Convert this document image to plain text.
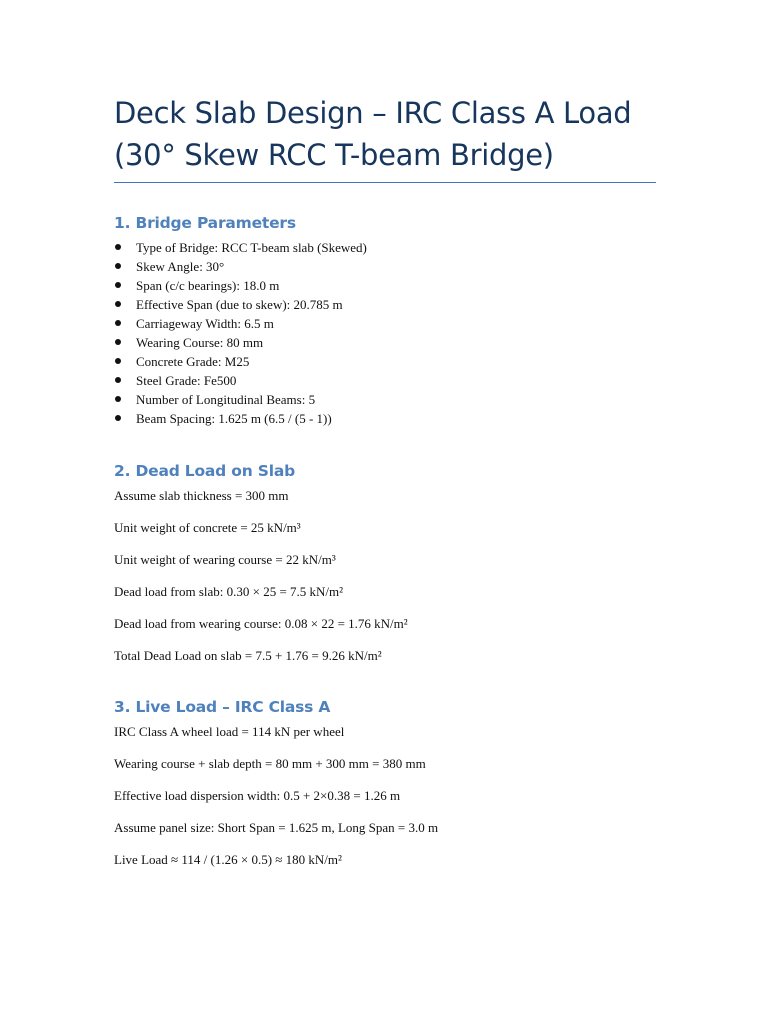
Deck Slab Design – IRC Class A Load
(30° Skew RCC T-beam Bridge)
1. Bridge Parameters
Type of Bridge: RCC T-beam slab (Skewed)
Skew Angle: 30°
Span (c/c bearings): 18.0 m
Effective Span (due to skew): 20.785 m
Carriageway Width: 6.5 m
Wearing Course: 80 mm
Concrete Grade: M25
Steel Grade: Fe500
Number of Longitudinal Beams: 5
Beam Spacing: 1.625 m (6.5 / (5 - 1))
2. Dead Load on Slab

Assume slab thickness = 300 mm

Unit weight of concrete = 25 kN/m³

Unit weight of wearing course = 22 kN/m³

Dead load from slab: 0.30 × 25 = 7.5 kN/m²

Dead load from wearing course: 0.08 × 22 = 1.76 kN/m²

Total Dead Load on slab = 7.5 + 1.76 = 9.26 kN/m²

3. Live Load – IRC Class A

IRC Class A wheel load = 114 kN per wheel

Wearing course + slab depth = 80 mm + 300 mm = 380 mm

Effective load dispersion width: 0.5 + 2×0.38 = 1.26 m

Assume panel size: Short Span = 1.625 m, Long Span = 3.0 m

Live Load ≈ 114 / (1.26 × 0.5) ≈ 180 kN/m²
